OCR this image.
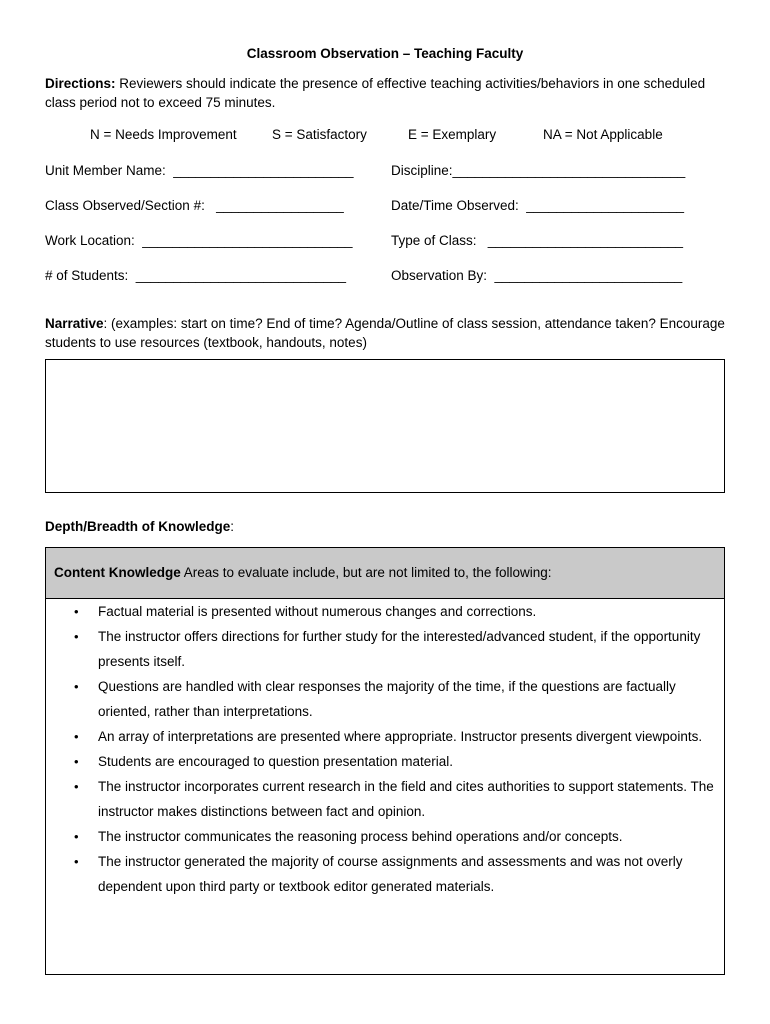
Classroom Observation – Teaching Faculty
Directions: Reviewers should indicate the presence of effective teaching activities/behaviors in one scheduled class period not to exceed 75 minutes.
N = Needs Improvement	S = Satisfactory	E = Exemplary	NA = Not Applicable
Unit Member Name:  ________________________	Discipline:_______________________________
Class Observed/Section #:   _________________	Date/Time Observed:  _____________________
Work Location:  ____________________________	Type of Class:   __________________________
# of Students:  ____________________________	Observation By:  _________________________
Narrative: (examples: start on time? End of time? Agenda/Outline of class session, attendance taken? Encourage students to use resources (textbook, handouts, notes)
Depth/Breadth of Knowledge:
Content Knowledge Areas to evaluate include, but are not limited to, the following:
• Factual material is presented without numerous changes and corrections.
• The instructor offers directions for further study for the interested/advanced student, if the opportunity presents itself.
• Questions are handled with clear responses the majority of the time, if the questions are factually oriented, rather than interpretations.
• An array of interpretations are presented where appropriate. Instructor presents divergent viewpoints.
• Students are encouraged to question presentation material.
• The instructor incorporates current research in the field and cites authorities to support statements. The instructor makes distinctions between fact and opinion.
• The instructor communicates the reasoning process behind operations and/or concepts.
• The instructor generated the majority of course assignments and assessments and was not overly dependent upon third party or textbook editor generated materials.
